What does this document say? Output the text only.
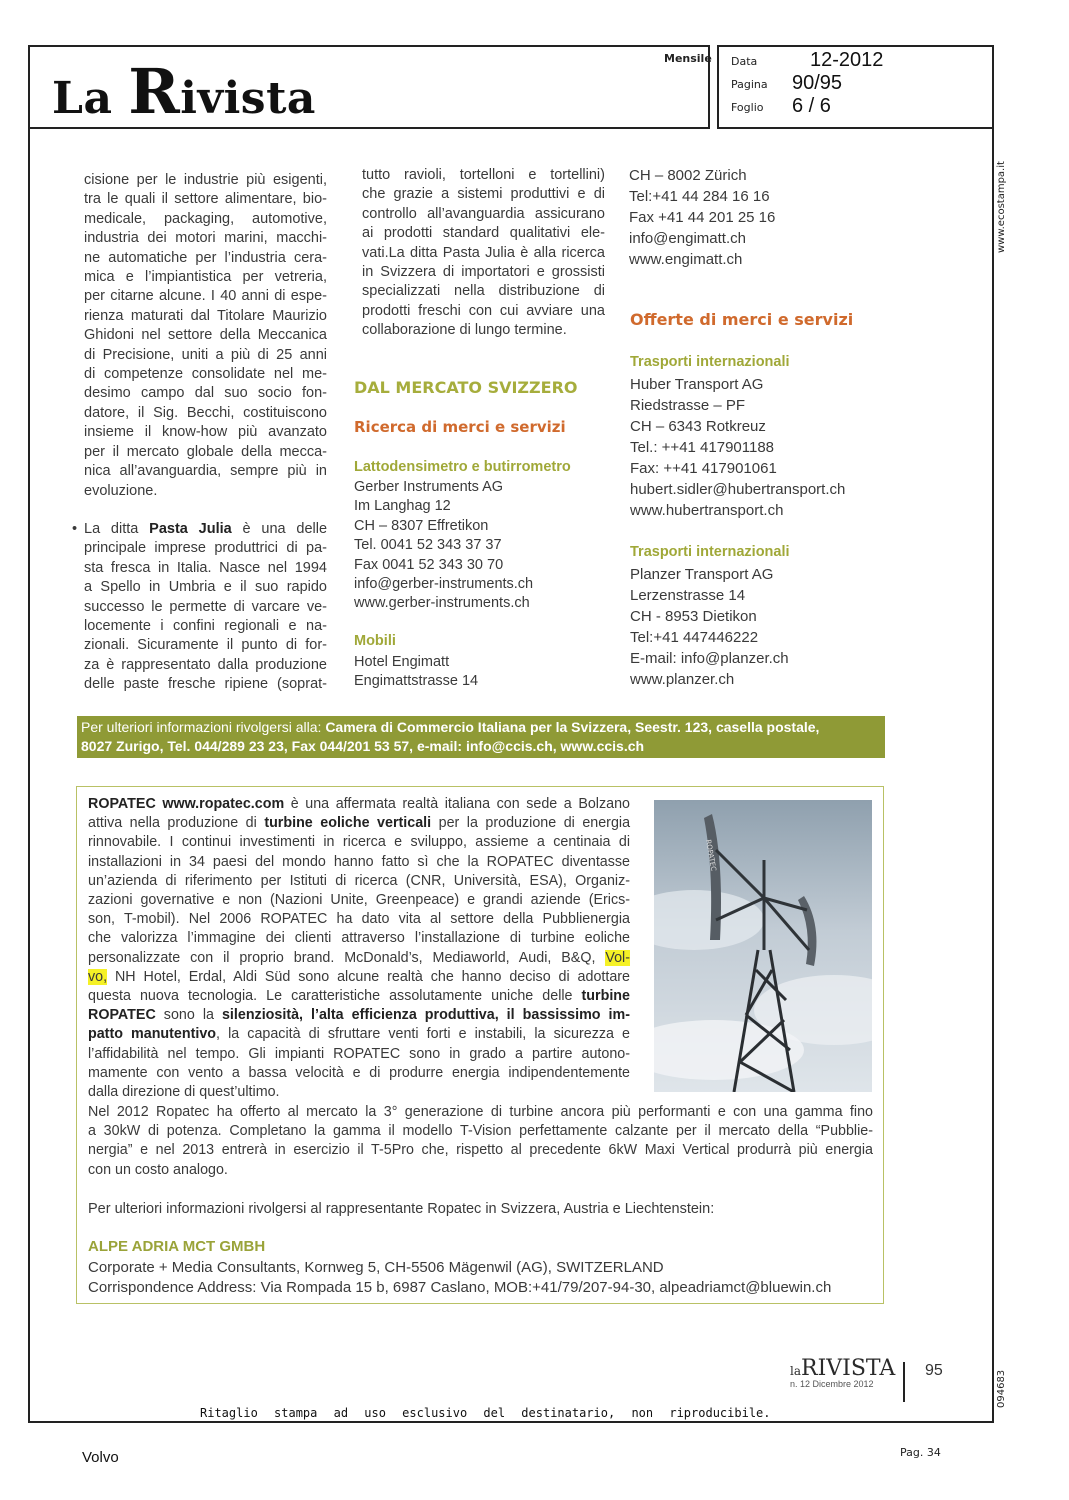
La Rivista
Mensile Data	12-2012
Pagina 90/95
Foglio 6 / 6
www.ecostampa.it
094683
cisione per le industrie più esigenti,
tra le quali il settore alimentare, bio-
medicale, packaging, automotive,
industria dei motori marini, macchi-
ne automatiche per l’industria cera-
mica e l’impiantistica per vetreria,
per citarne alcune. I 40 anni di espe-
rienza maturati dal Titolare Maurizio
Ghidoni nel settore della Meccanica
di Precisione, uniti a più di 25 anni
di competenze consolidate nel me-
desimo campo dal suo socio fon-
datore, il Sig. Becchi, costituiscono
insieme il know-how più avanzato
per il mercato globale della mecca-
nica all’avanguardia, sempre più in
evoluzione.
• La ditta Pasta Julia è una delle
principale imprese produttrici di pa-
sta fresca in Italia. Nasce nel 1994
a Spello in Umbria e il suo rapido
successo le permette di varcare ve-
locemente i confini regionali e na-
zionali. Sicuramente il punto di for-
za è rappresentato dalla produzione
delle paste fresche ripiene (soprat-
tutto ravioli, tortelloni e tortellini)
che grazie a sistemi produttivi e di
controllo all’avanguardia assicurano
ai prodotti standard qualitativi ele-
vati.La ditta Pasta Julia è alla ricerca
in Svizzera di importatori e grossisti
specializzati nella distribuzione di
prodotti freschi con cui avviare una
collaborazione di lungo termine.
DAL MERCATO SVIZZERO
Ricerca di merci e servizi
Lattodensimetro e butirrometro
Gerber Instruments AG
Im Langhag 12
CH – 8307 Effretikon
Tel. 0041 52 343 37 37
Fax 0041 52 343 30 70
info@gerber-instruments.ch
www.gerber-instruments.ch
Mobili
Hotel Engimatt
Engimattstrasse 14
CH – 8002 Zürich
Tel:+41 44 284 16 16
Fax +41 44 201 25 16
info@engimatt.ch
www.engimatt.ch
Offerte di merci e servizi
Trasporti internazionali
Huber Transport AG
Riedstrasse – PF
CH – 6343 Rotkreuz
Tel.: ++41 417901188
Fax: ++41 417901061
hubert.sidler@hubertransport.ch
www.hubertransport.ch
Trasporti internazionali
Planzer Transport AG
Lerzenstrasse 14
CH - 8953 Dietikon
Tel:+41 447446222
E-mail: info@planzer.ch
www.planzer.ch
Per ulteriori informazioni rivolgersi alla: Camera di Commercio Italiana per la Svizzera, Seestr. 123, casella postale,
8027 Zurigo, Tel. 044/289 23 23, Fax 044/201 53 57, e-mail: info@ccis.ch, www.ccis.ch
ROPATEC www.ropatec.com è una affermata realtà italiana con sede a Bolzano
attiva nella produzione di turbine eoliche verticali per la produzione di energia
rinnovabile. I continui investimenti in ricerca e sviluppo, assieme a centinaia di
installazioni in 34 paesi del mondo hanno fatto sì che la ROPATEC diventasse
un’azienda di riferimento per Istituti di ricerca (CNR, Università, ESA), Organiz-
zazioni governative e non (Nazioni Unite, Greenpeace) e grandi aziende (Erics-
son, T-mobil). Nel 2006 ROPATEC ha dato vita al settore della Pubblienergia
che valorizza l’immagine dei clienti attraverso l’installazione di turbine eoliche
personalizzate con il proprio brand. McDonald’s, Mediaworld, Audi, B&Q, Vol-
vo, NH Hotel, Erdal, Aldi Süd sono alcune realtà che hanno deciso di adottare
questa nuova tecnologia. Le caratteristiche assolutamente uniche delle turbine
ROPATEC sono la silenziosità, l’alta efficienza produttiva, il bassissimo im-
patto manutentivo, la capacità di sfruttare venti forti e instabili, la sicurezza e
l’affidabilità nel tempo. Gli impianti ROPATEC sono in grado a partire autono-
mamente con vento a bassa velocità e di produrre energia indipendentemente
dalla direzione di quest’ultimo.
Nel 2012 Ropatec ha offerto al mercato la 3° generazione di turbine ancora più performanti e con una gamma fino
a 30kW di potenza. Completano la gamma il modello T-Vision perfettamente calzante per il mercato della “Pubblie-
nergia” e nel 2013 entrerà in esercizio il T-5Pro che, rispetto al precedente 6kW Maxi Vertical produrrà più energia
con un costo analogo.
Per ulteriori informazioni rivolgersi al rappresentante Ropatec in Svizzera, Austria e Liechtenstein:
ALPE ADRIA MCT GMBH
Corporate + Media Consultants, Kornweg 5, CH-5506 Mägenwil (AG), SWITZERLAND
Corrispondence Address: Via Rompada 15 b, 6987 Caslano, MOB:+41/79/207-94-30, alpeadriamct@bluewin.ch
ROPATEC
laRIVISTA
n. 12 Dicembre 2012
95
Ritaglio stampa ad uso esclusivo del destinatario, non riproducibile.
Volvo	Pag. 34
